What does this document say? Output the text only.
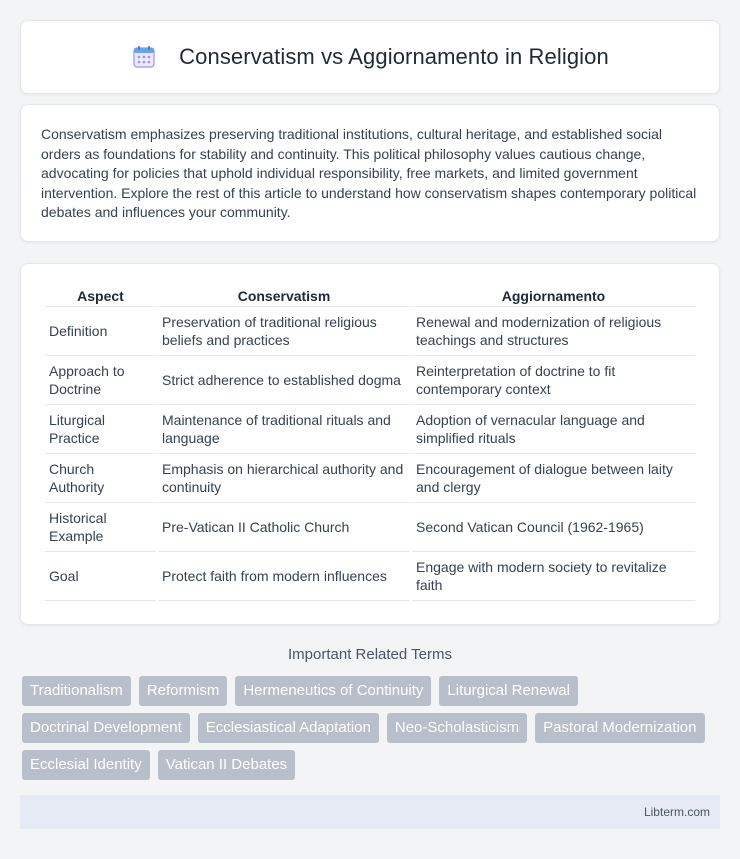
Conservatism vs Aggiornamento in Religion

Conservatism emphasizes preserving traditional institutions, cultural heritage, and established social orders as foundations for stability and continuity. This political philosophy values cautious change, advocating for policies that uphold individual responsibility, free markets, and limited government intervention. Explore the rest of this article to understand how conservatism shapes contemporary political debates and influences your community.

Aspect	Conservatism	Aggiornamento
Definition	Preservation of traditional religious beliefs and practices	Renewal and modernization of religious teachings and structures
Approach to Doctrine	Strict adherence to established dogma	Reinterpretation of doctrine to fit contemporary context
Liturgical Practice	Maintenance of traditional rituals and language	Adoption of vernacular language and simplified rituals
Church Authority	Emphasis on hierarchical authority and continuity	Encouragement of dialogue between laity and clergy
Historical Example	Pre-Vatican II Catholic Church	Second Vatican Council (1962-1965)
Goal	Protect faith from modern influences	Engage with modern society to revitalize faith
Important Related Terms
Traditionalism	Reformism	Hermeneutics of Continuity	Liturgical Renewal
Doctrinal Development	Ecclesiastical Adaptation	Neo-Scholasticism	Pastoral Modernization
Ecclesial Identity	Vatican II Debates
Libterm.com
